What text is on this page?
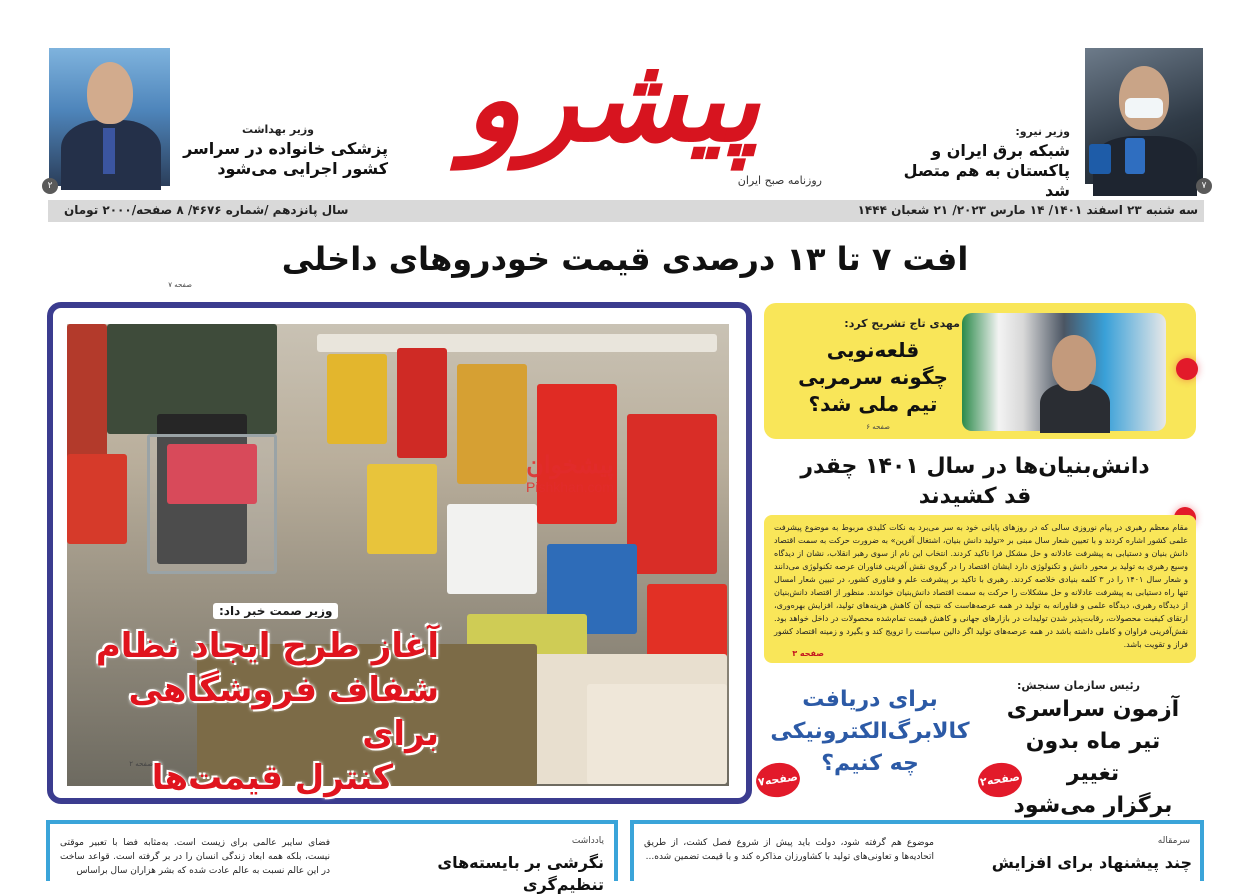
۷
وزیر نیرو:
شبکه برق ایران و پاکستان به هم متصل شد
پیشرو
روزنامه صبح ایران
وزیر بهداشت
پزشکی خانواده در سراسر کشور اجرایی می‌شود
۲
سه شنبه ۲۳ اسفند ۱۴۰۱/ ۱۴ مارس ۲۰۲۳/ ۲۱ شعبان ۱۴۴۴
سال پانزدهم /شماره ۴۶۷۶/ ۸ صفحه/۲۰۰۰ تومان
افت ۷ تا ۱۳ درصدی قیمت خودروهای داخلی
صفحه ۷
پیشخوان
Pishkhan.com
وزیر صمت خبر داد:
آغاز طرح ایجاد نظام
شفاف فروشگاهی برای
کنترل قیمت‌ها
صفحه ۲
مهدی تاج تشریح کرد:
قلعه‌نویی
چگونه سرمربی
تیم ملی شد؟
صفحه ۶
دانش‌بنیان‌ها در سال ۱۴۰۱ چقدر
قد کشیدند
مقام معظم رهبری در پیام نوروزی سالی که در روزهای پایانی خود به سر می‌برد به نکات کلیدی مربوط به موضوع پیشرفت علمی کشور اشاره کردند و با تعیین شعار سال مبنی بر «تولید دانش بنیان، اشتغال آفرین» به ضرورت حرکت به سمت اقتصاد دانش بنیان و دستیابی به پیشرفت عادلانه و حل مشکل فرا تاکید کردند. انتخاب این نام از سوی رهبر انقلاب، نشان از دیدگاه وسیع رهبری به تولید بر محور دانش و تکنولوژی دارد ایشان اقتصاد را در گروی نقش آفرینی فناوران عرصه تکنولوژی می‌دانند و شعار سال ۱۴۰۱ را در ۳ کلمه بنیادی خلاصه کردند. رهبری با تاکید بر پیشرفت علم و فناوری کشور، در تبیین شعار امسال تنها راه دستیابی به پیشرفت عادلانه و حل مشکلات را حرکت به سمت اقتصاد دانش‌بنیان خواندند. منظور از اقتصاد دانش‌بنیان از دیدگاه رهبری، دیدگاه علمی و فناورانه به تولید در همه عرصه‌هاست که نتیجه آن کاهش هزینه‌های تولید، افزایش بهره‌وری، ارتقای کیفیت محصولات، رقابت‌پذیر شدن تولیدات در بازارهای جهانی و کاهش قیمت تمام‌شده محصولات در داخل خواهد بود. نقش‌آفرینی فراوان و کاملی داشته باشد در همه عرصه‌های تولید اگر دالین سیاست را ترویج کند و بگیرد و زمینه اقتصاد کشور فراز و تقویت باشد.
صفحه ۳
رئیس سازمان سنجش:
آزمون سراسری
تیر ماه بدون تغییر
برگزار می‌شود
صفحه۲
برای دریافت
کالابرگ‌الکترونیکی
چه کنیم؟
صفحه۷
سرمقاله
چند پیشنهاد برای افزایش
موضوع هم گرفته شود، دولت باید پیش از شروع فصل کشت، از طریق اتحادیه‌ها و تعاونی‌های تولید با کشاورزان مذاکره کند و با قیمت تضمین شده...
یادداشت
نگرشی بر بایسته‌های تنظیم‌گری
فضای سایبر عالمی برای زیست است. به‌مثابه فضا با تعبیر موقتی نیست، بلکه همه ابعاد زندگی انسان را در بر گرفته است. قواعد ساخت در این عالم نسبت به عالم عادت شده که بشر هزاران سال براساس
